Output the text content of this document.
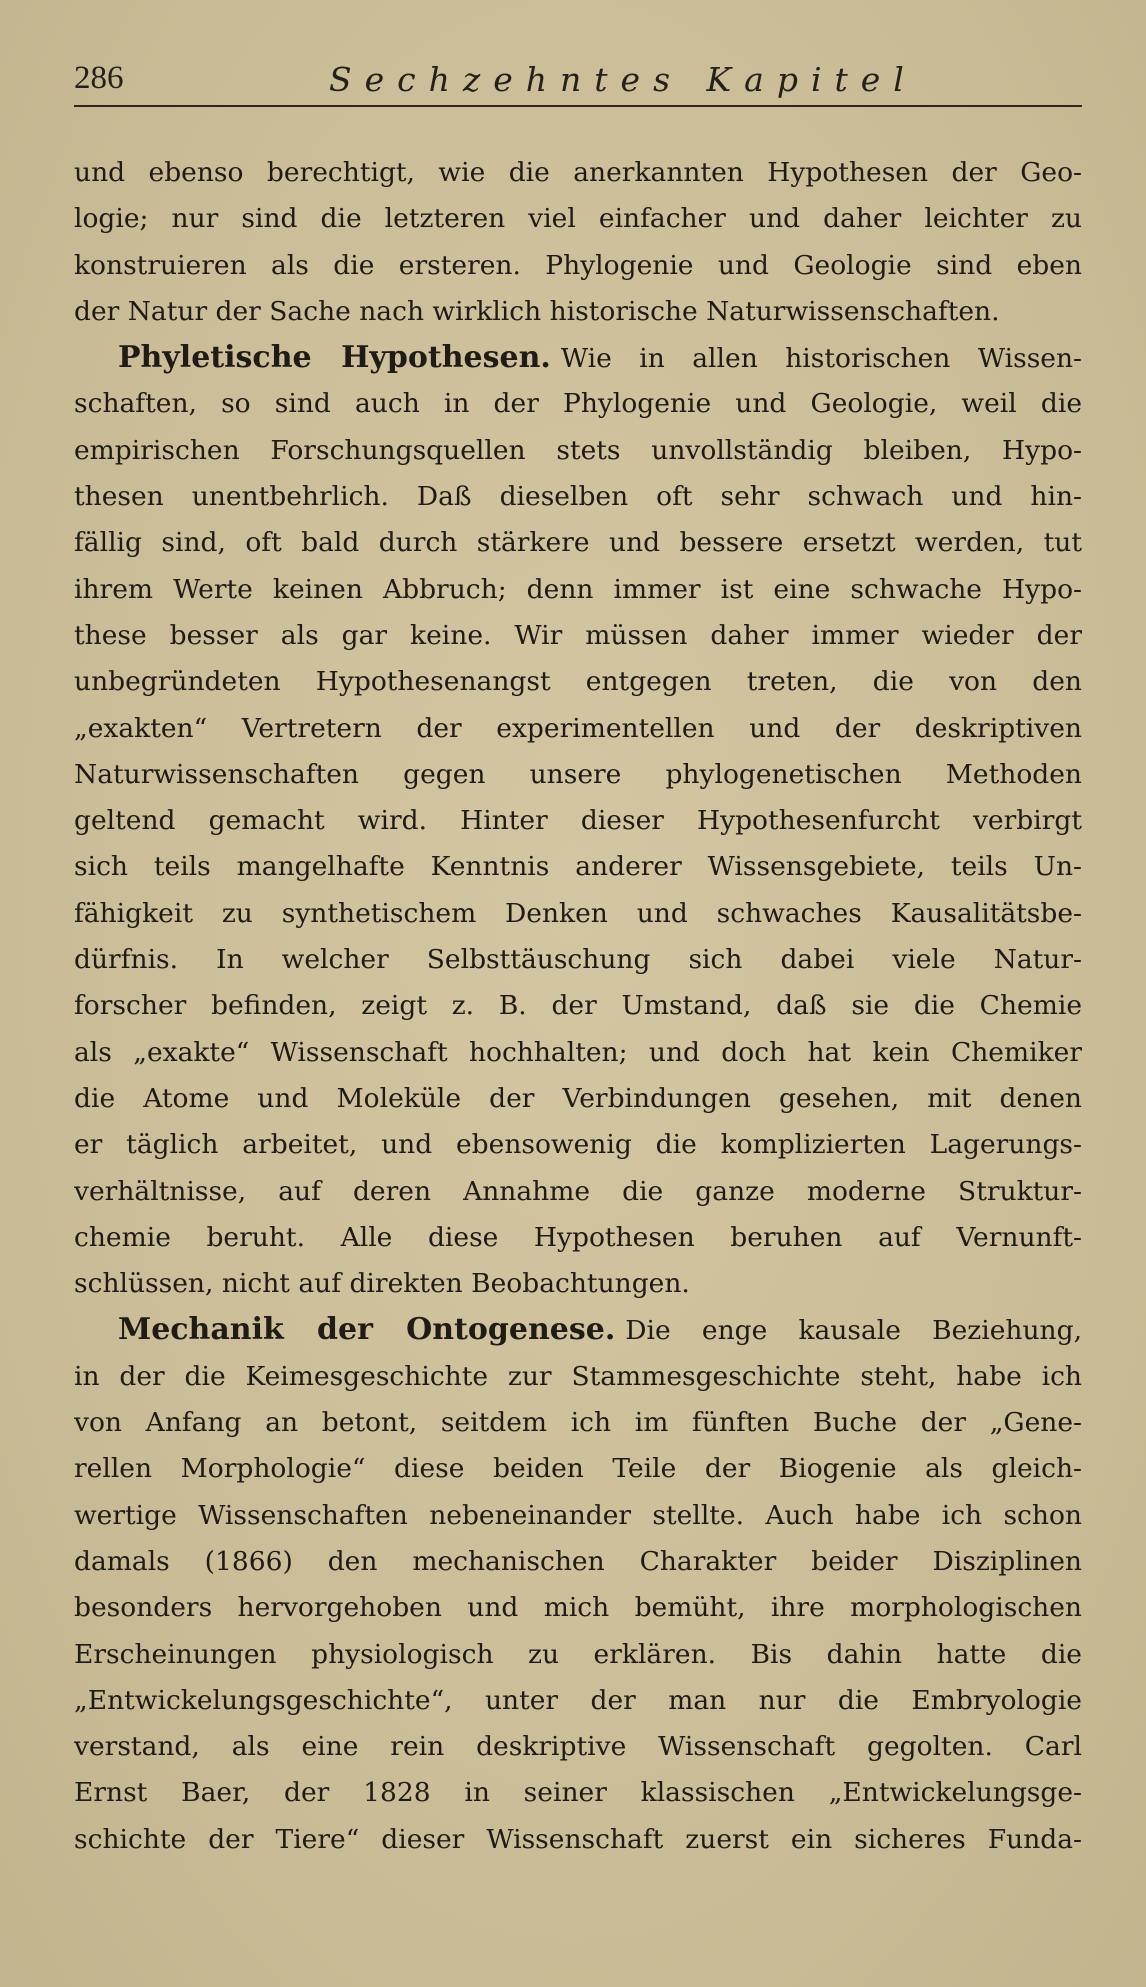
286	Sechzehntes Kapitel
und ebenso berechtigt, wie die anerkannten Hypothesen der Geo-
logie; nur sind die letzteren viel einfacher und daher leichter zu
konstruieren als die ersteren. Phylogenie und Geologie sind eben
der Natur der Sache nach wirklich historische Naturwissenschaften.
Phyletische Hypothesen. Wie in allen historischen Wissen-
schaften, so sind auch in der Phylogenie und Geologie, weil die
empirischen Forschungsquellen stets unvollständig bleiben, Hypo-
thesen unentbehrlich. Daß dieselben oft sehr schwach und hin-
fällig sind, oft bald durch stärkere und bessere ersetzt werden, tut
ihrem Werte keinen Abbruch; denn immer ist eine schwache Hypo-
these besser als gar keine. Wir müssen daher immer wieder der
unbegründeten Hypothesenangst entgegen treten, die von den
„exakten“ Vertretern der experimentellen und der deskriptiven
Naturwissenschaften gegen unsere phylogenetischen Methoden
geltend gemacht wird. Hinter dieser Hypothesenfurcht verbirgt
sich teils mangelhafte Kenntnis anderer Wissensgebiete, teils Un-
fähigkeit zu synthetischem Denken und schwaches Kausalitätsbe-
dürfnis. In welcher Selbsttäuschung sich dabei viele Natur-
forscher befinden, zeigt z. B. der Umstand, daß sie die Chemie
als „exakte“ Wissenschaft hochhalten; und doch hat kein Chemiker
die Atome und Moleküle der Verbindungen gesehen, mit denen
er täglich arbeitet, und ebensowenig die komplizierten Lagerungs-
verhältnisse, auf deren Annahme die ganze moderne Struktur-
chemie beruht. Alle diese Hypothesen beruhen auf Vernunft-
schlüssen, nicht auf direkten Beobachtungen.
Mechanik der Ontogenese. Die enge kausale Beziehung,
in der die Keimesgeschichte zur Stammesgeschichte steht, habe ich
von Anfang an betont, seitdem ich im fünften Buche der „Gene-
rellen Morphologie“ diese beiden Teile der Biogenie als gleich-
wertige Wissenschaften nebeneinander stellte. Auch habe ich schon
damals (1866) den mechanischen Charakter beider Disziplinen
besonders hervorgehoben und mich bemüht, ihre morphologischen
Erscheinungen physiologisch zu erklären. Bis dahin hatte die
„Entwickelungsgeschichte“, unter der man nur die Embryologie
verstand, als eine rein deskriptive Wissenschaft gegolten. Carl
Ernst Baer, der 1828 in seiner klassischen „Entwickelungsge-
schichte der Tiere“ dieser Wissenschaft zuerst ein sicheres Funda-
